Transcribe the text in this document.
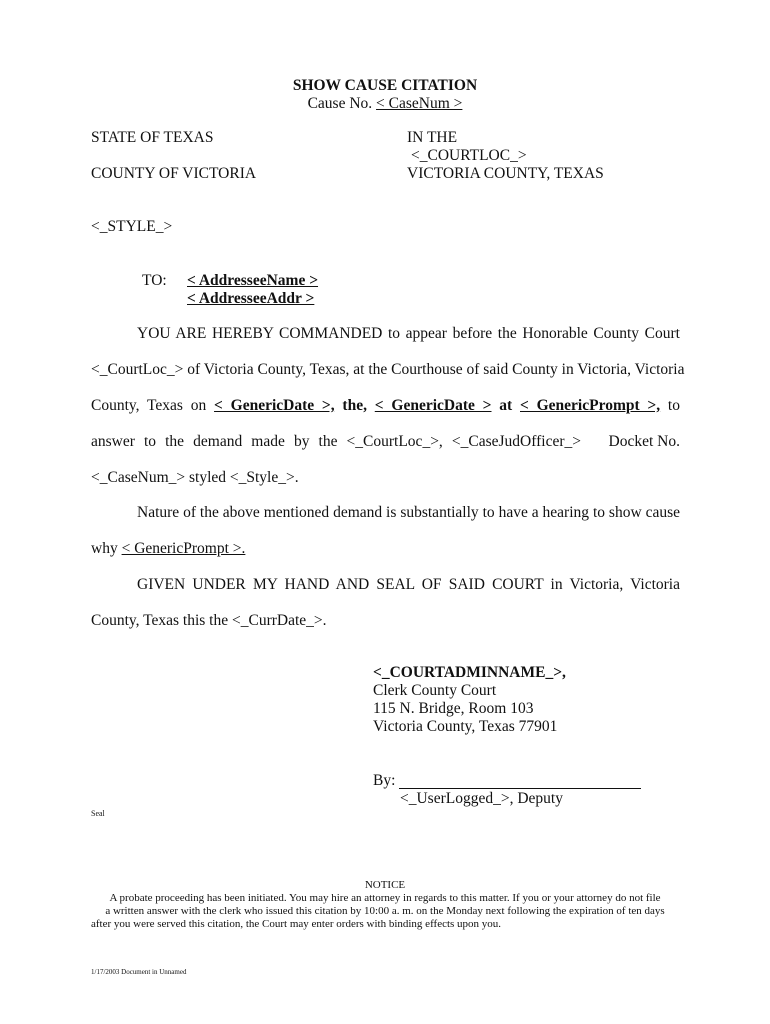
SHOW CAUSE CITATION
Cause No. < CaseNum >
STATE OF TEXAS
COUNTY OF VICTORIA
IN THE
<_COURTLOC_>
VICTORIA COUNTY, TEXAS
<_STYLE_>
TO: < AddresseeName >
< AddresseeAddr >
YOU ARE HEREBY COMMANDED to appear before the Honorable County Court
<_CourtLoc_> of Victoria County, Texas, at the Courthouse of said County in Victoria, Victoria
County, Texas on < GenericDate >, the, < GenericDate > at < GenericPrompt >, to
answer to the demand made by the <_CourtLoc_>, <_CaseJudOfficer_> Docket No.
<_CaseNum_> styled <_Style_>.
Nature of the above mentioned demand is substantially to have a hearing to show cause
why < GenericPrompt >.
GIVEN UNDER MY HAND AND SEAL OF SAID COURT in Victoria, Victoria
County, Texas this the <_CurrDate_>.
<_COURTADMINNAME_>,
Clerk County Court
115 N. Bridge, Room 103
Victoria County, Texas 77901
By:
<_UserLogged_>, Deputy
Seal
NOTICE
A probate proceeding has been initiated. You may hire an attorney in regards to this matter. If you or your attorney do not file
a written answer with the clerk who issued this citation by 10:00 a. m. on the Monday next following the expiration of ten days
after you were served this citation, the Court may enter orders with binding effects upon you.
1/17/2003 Document in Unnamed
